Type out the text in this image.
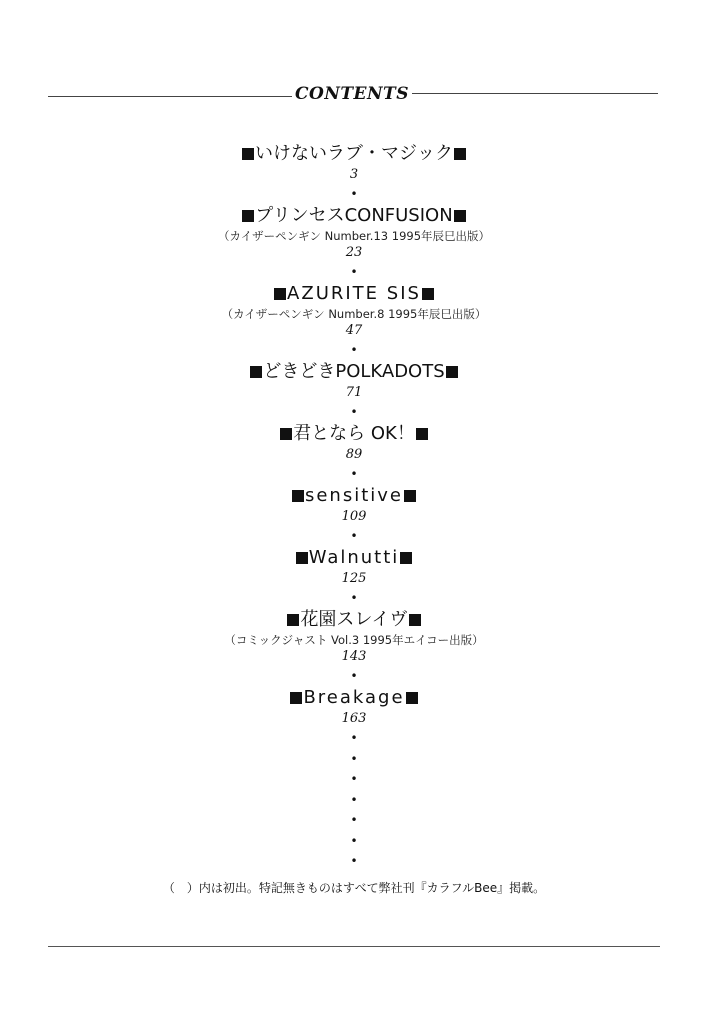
CONTENTS
いけないラブ・マジック
3
•
プリンセスCONFUSION
（カイザーペンギン Number.13 1995年辰巳出版）
23
•
AZURITE SIS
（カイザーペンギン Number.8 1995年辰巳出版）
47
•
どきどきPOLKADOTS
71
•
君となら OK！
89
•
sensitive
109
•
Walnutti
125
•
花園スレイヴ
（コミックジャスト Vol.3 1995年エイコー出版）
143
•
Breakage
163
•
•
•
•
•
•
•
（　）内は初出。特記無きものはすべて弊社刊『カラフルBee』掲載。
